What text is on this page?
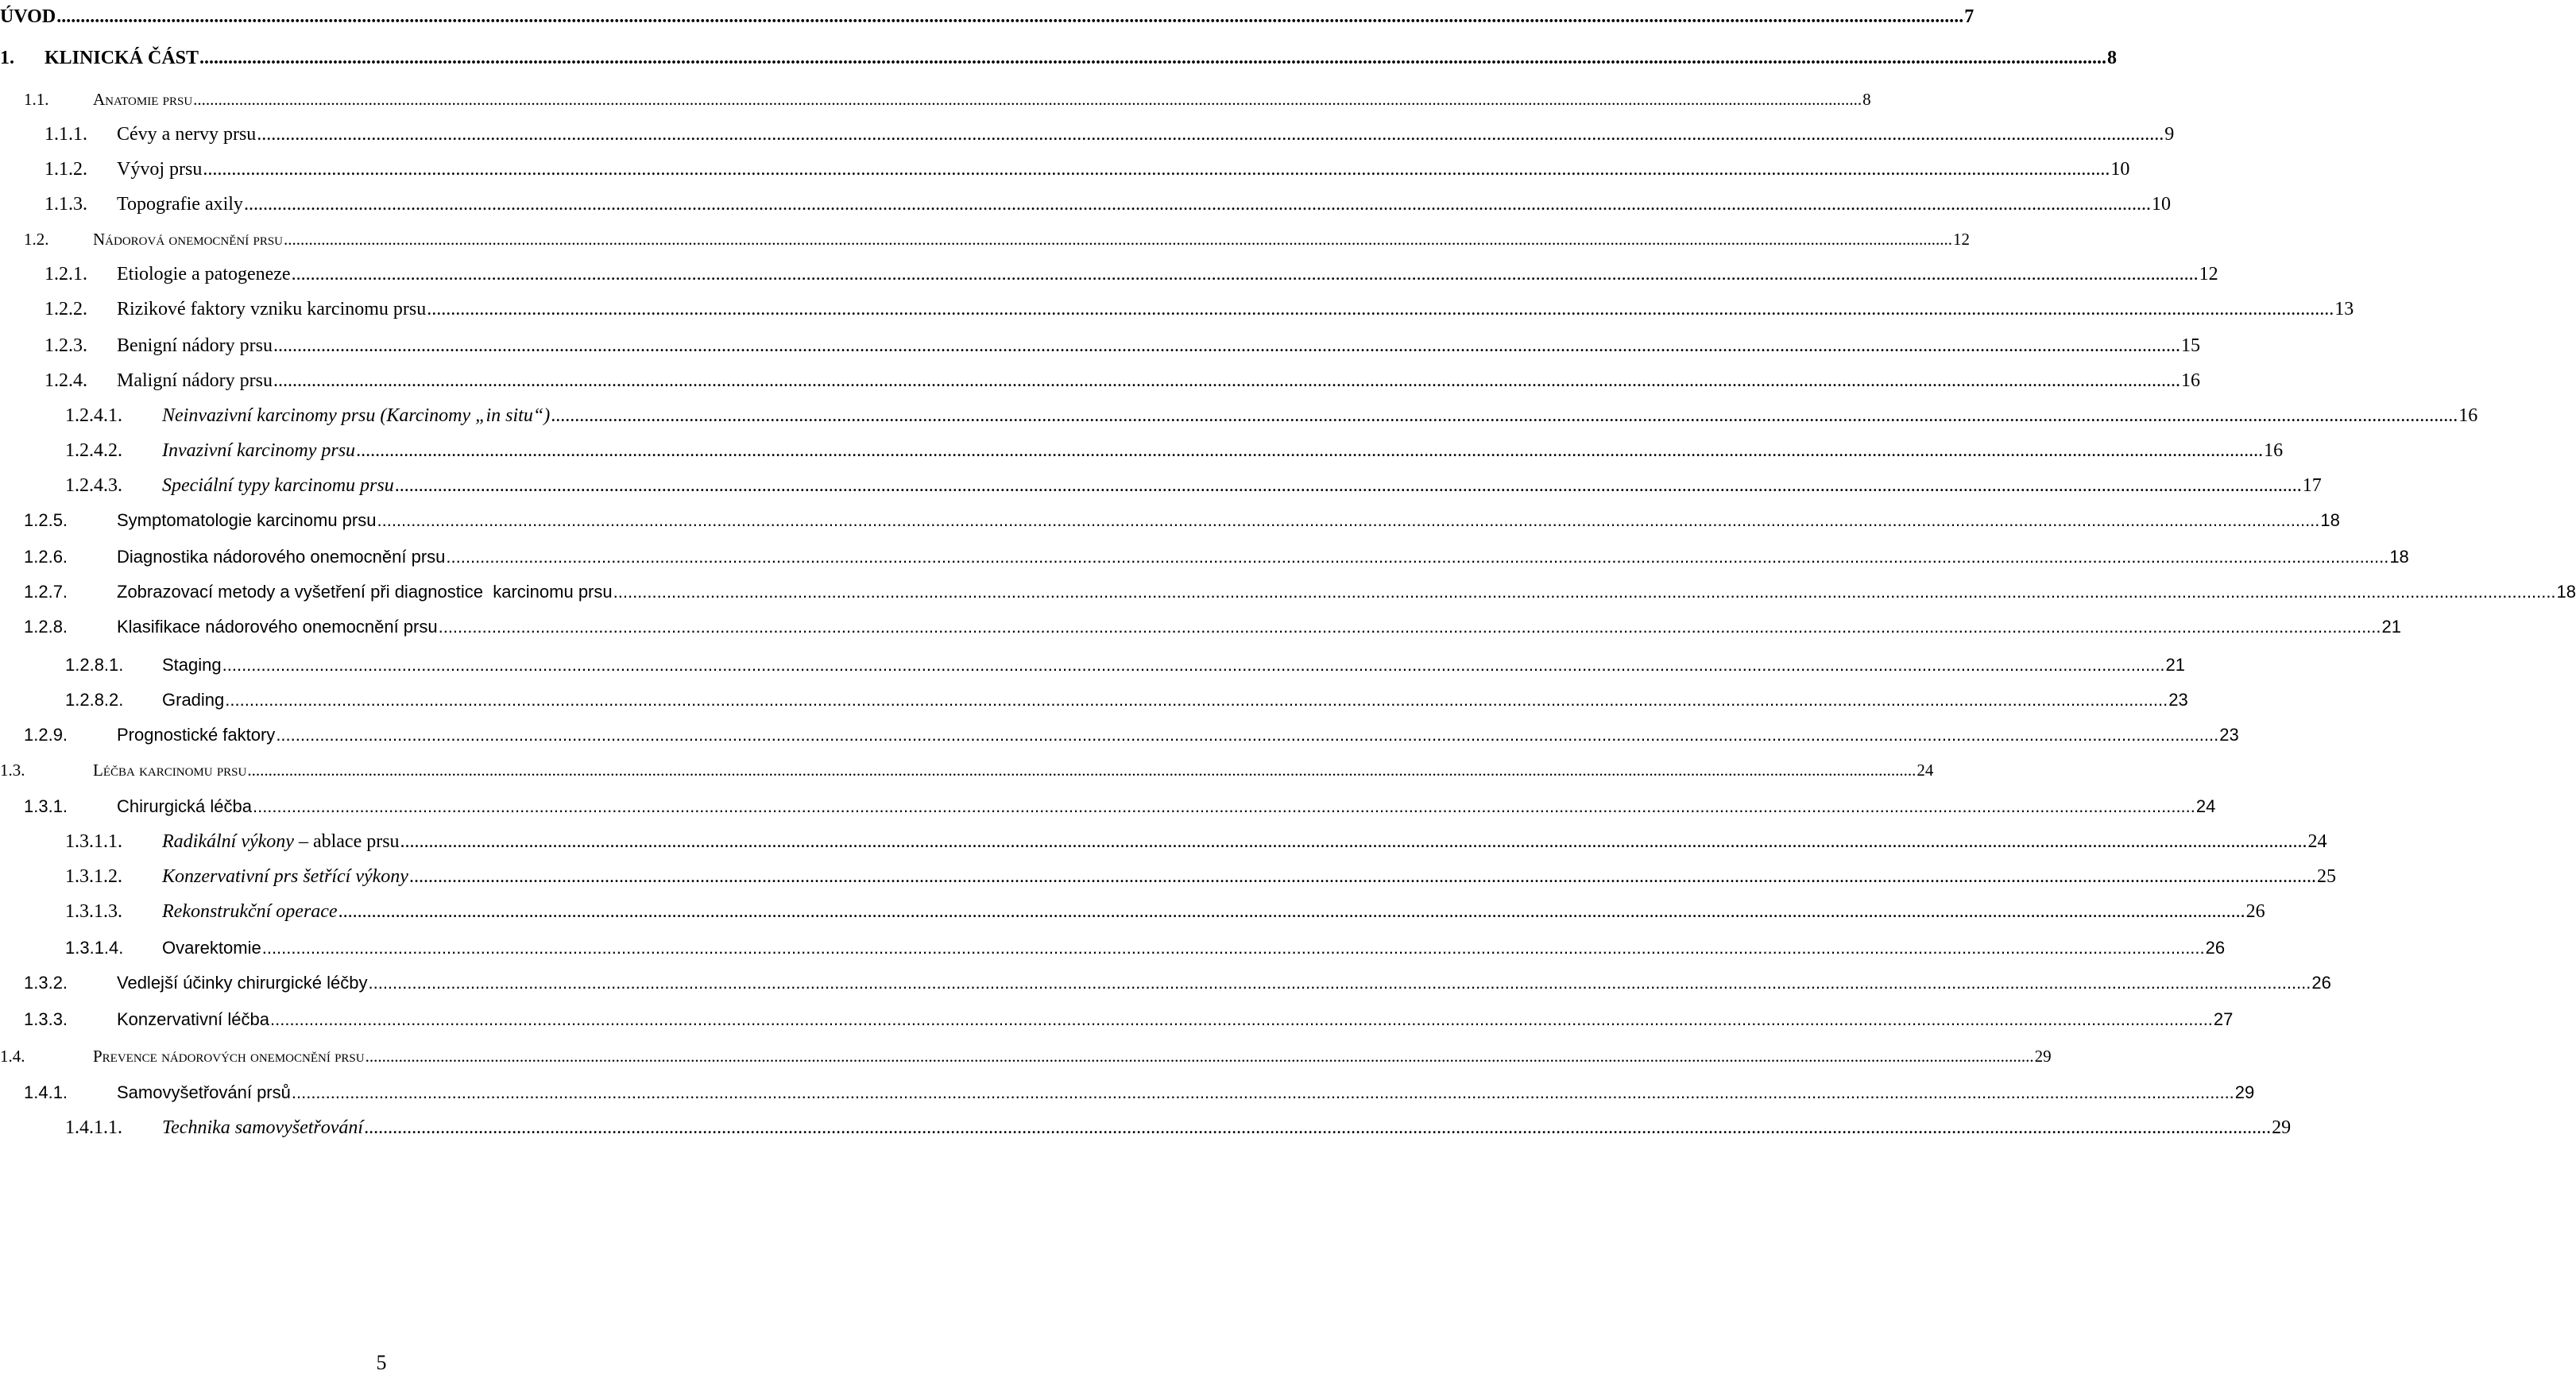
ÚVOD ................................................................................................................................................................................................................................................................................................................................................................................................................ 7
1. KLINICKÁ ČÁST ................................................................................................................................................................................................................................................................................................................................................................................................................ 8
1.1.	Anatomie prsu ................................................................................................................................................................................................................................................................................................................................................................................................................ 8
1.1.1. Cévy a nervy prsu ................................................................................................................................................................................................................................................................................................................................................................................................................ 9
1.1.2. Vývoj prsu ................................................................................................................................................................................................................................................................................................................................................................................................................ 10
1.1.3. Topografie axily ................................................................................................................................................................................................................................................................................................................................................................................................................ 10
1.2.	Nádorová onemocnění prsu ................................................................................................................................................................................................................................................................................................................................................................................................................ 12
1.2.1. Etiologie a patogeneze ................................................................................................................................................................................................................................................................................................................................................................................................................ 12
1.2.2. Rizikové faktory vzniku karcinomu prsu ................................................................................................................................................................................................................................................................................................................................................................................................................ 13
1.2.3. Benigní nádory prsu ................................................................................................................................................................................................................................................................................................................................................................................................................ 15
1.2.4. Maligní nádory prsu ................................................................................................................................................................................................................................................................................................................................................................................................................ 16
1.2.4.1. Neinvazivní karcinomy prsu (Karcinomy „in situ“) ................................................................................................................................................................................................................................................................................................................................................................................................................ 16
1.2.4.2. Invazivní karcinomy prsu ................................................................................................................................................................................................................................................................................................................................................................................................................ 16
1.2.4.3. Speciální typy karcinomu prsu ................................................................................................................................................................................................................................................................................................................................................................................................................ 17
1.2.5.	Symptomatologie karcinomu prsu ................................................................................................................................................................................................................................................................................................................................................................................................................ 18
1.2.6.	Diagnostika nádorového onemocnění prsu ................................................................................................................................................................................................................................................................................................................................................................................................................ 18
1.2.7.	Zobrazovací metody a vyšetření při diagnostice  karcinomu prsu ................................................................................................................................................................................................................................................................................................................................................................................................................ 18
1.2.8.	Klasifikace nádorového onemocnění prsu ................................................................................................................................................................................................................................................................................................................................................................................................................ 21
1.2.8.1. Staging ................................................................................................................................................................................................................................................................................................................................................................................................................ 21
1.2.8.2. Grading ................................................................................................................................................................................................................................................................................................................................................................................................................ 23
1.2.9.	Prognostické faktory ................................................................................................................................................................................................................................................................................................................................................................................................................ 23
1.3.	Léčba karcinomu prsu ................................................................................................................................................................................................................................................................................................................................................................................................................ 24
1.3.1.	Chirurgická léčba ................................................................................................................................................................................................................................................................................................................................................................................................................ 24
1.3.1.1. Radikální výkony – ablace prsu ................................................................................................................................................................................................................................................................................................................................................................................................................ 24
1.3.1.2. Konzervativní prs šetřící výkony ................................................................................................................................................................................................................................................................................................................................................................................................................ 25
1.3.1.3. Rekonstrukční operace ................................................................................................................................................................................................................................................................................................................................................................................................................ 26
1.3.1.4. Ovarektomie ................................................................................................................................................................................................................................................................................................................................................................................................................ 26
1.3.2.	Vedlejší účinky chirurgické léčby ................................................................................................................................................................................................................................................................................................................................................................................................................ 26
1.3.3.	Konzervativní léčba ................................................................................................................................................................................................................................................................................................................................................................................................................ 27
1.4.	Prevence nádorových onemocnění prsu ................................................................................................................................................................................................................................................................................................................................................................................................................ 29
1.4.1.	Samovyšetřování prsů ................................................................................................................................................................................................................................................................................................................................................................................................................ 29
1.4.1.1. Technika samovyšetřování ................................................................................................................................................................................................................................................................................................................................................................................................................ 29
5
